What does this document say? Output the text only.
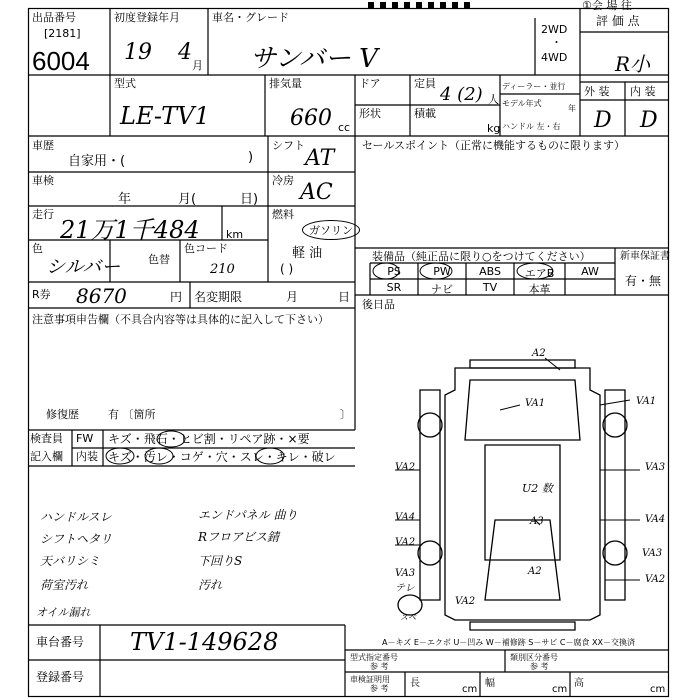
出品番号
[2181]
6004
初度登録年月
19 4
月
車名・グレード
サンバー V
2WD
・
4WD
①会 場 往
評 価 点
R小
外 装 内 装
D D
型式
LE-TV1
排気量
660 cc
ドア	定員
4 (2) 人
形状	積載
kg
ディーラー・並行
モデル年式
年
ハンドル 左・右
車歴
自家用・(	)
車検
年	月(	日)
走行
21万1千484 km
色
シルバー	色替
色コード
210
シフト
AT
冷房 AC
燃料
ガソリン
軽 油
( )
R券 8670	円 名変期限	月	日
セールスポイント（正常に機能するものに限ります）
装備品（純正品に限り○をつけてください）	新車保証書
有・無
PS	PW	ABS	エアB	AW
SR	ナビ	TV	本革
後日品
注意事項申告欄（不具合内容等は具体的に記入して下さい）
修復歴	有 〔箇所	〕
検査員 FW キズ・飛石・ヒビ割・リペア跡・×要
記入欄 内装 キズ・汚レ・コゲ・穴・スレ・キレ・破レ
ハンドルスレ
シフトヘタリ
天バリシミ
荷室汚れ
オイル漏れ
エンドパネル 曲り
Rフロアビス錆
下回りS
汚れ
A2
VA1	VA1
VA2	VA3
VA4
U2 数
A3	VA4
VA2
VA3
VA2
VA3 テレ
A2
VA2
スベ
A－キズ E－エクボ U－凹み W－補修跡 S－サビ C－腐食 XX－交換済
車台番号 TV1-149628
登録番号
型式指定番号
参 考
類別区分番号
参 考
車検証明用
参 考 長
cm
幅
cm
高
cm
